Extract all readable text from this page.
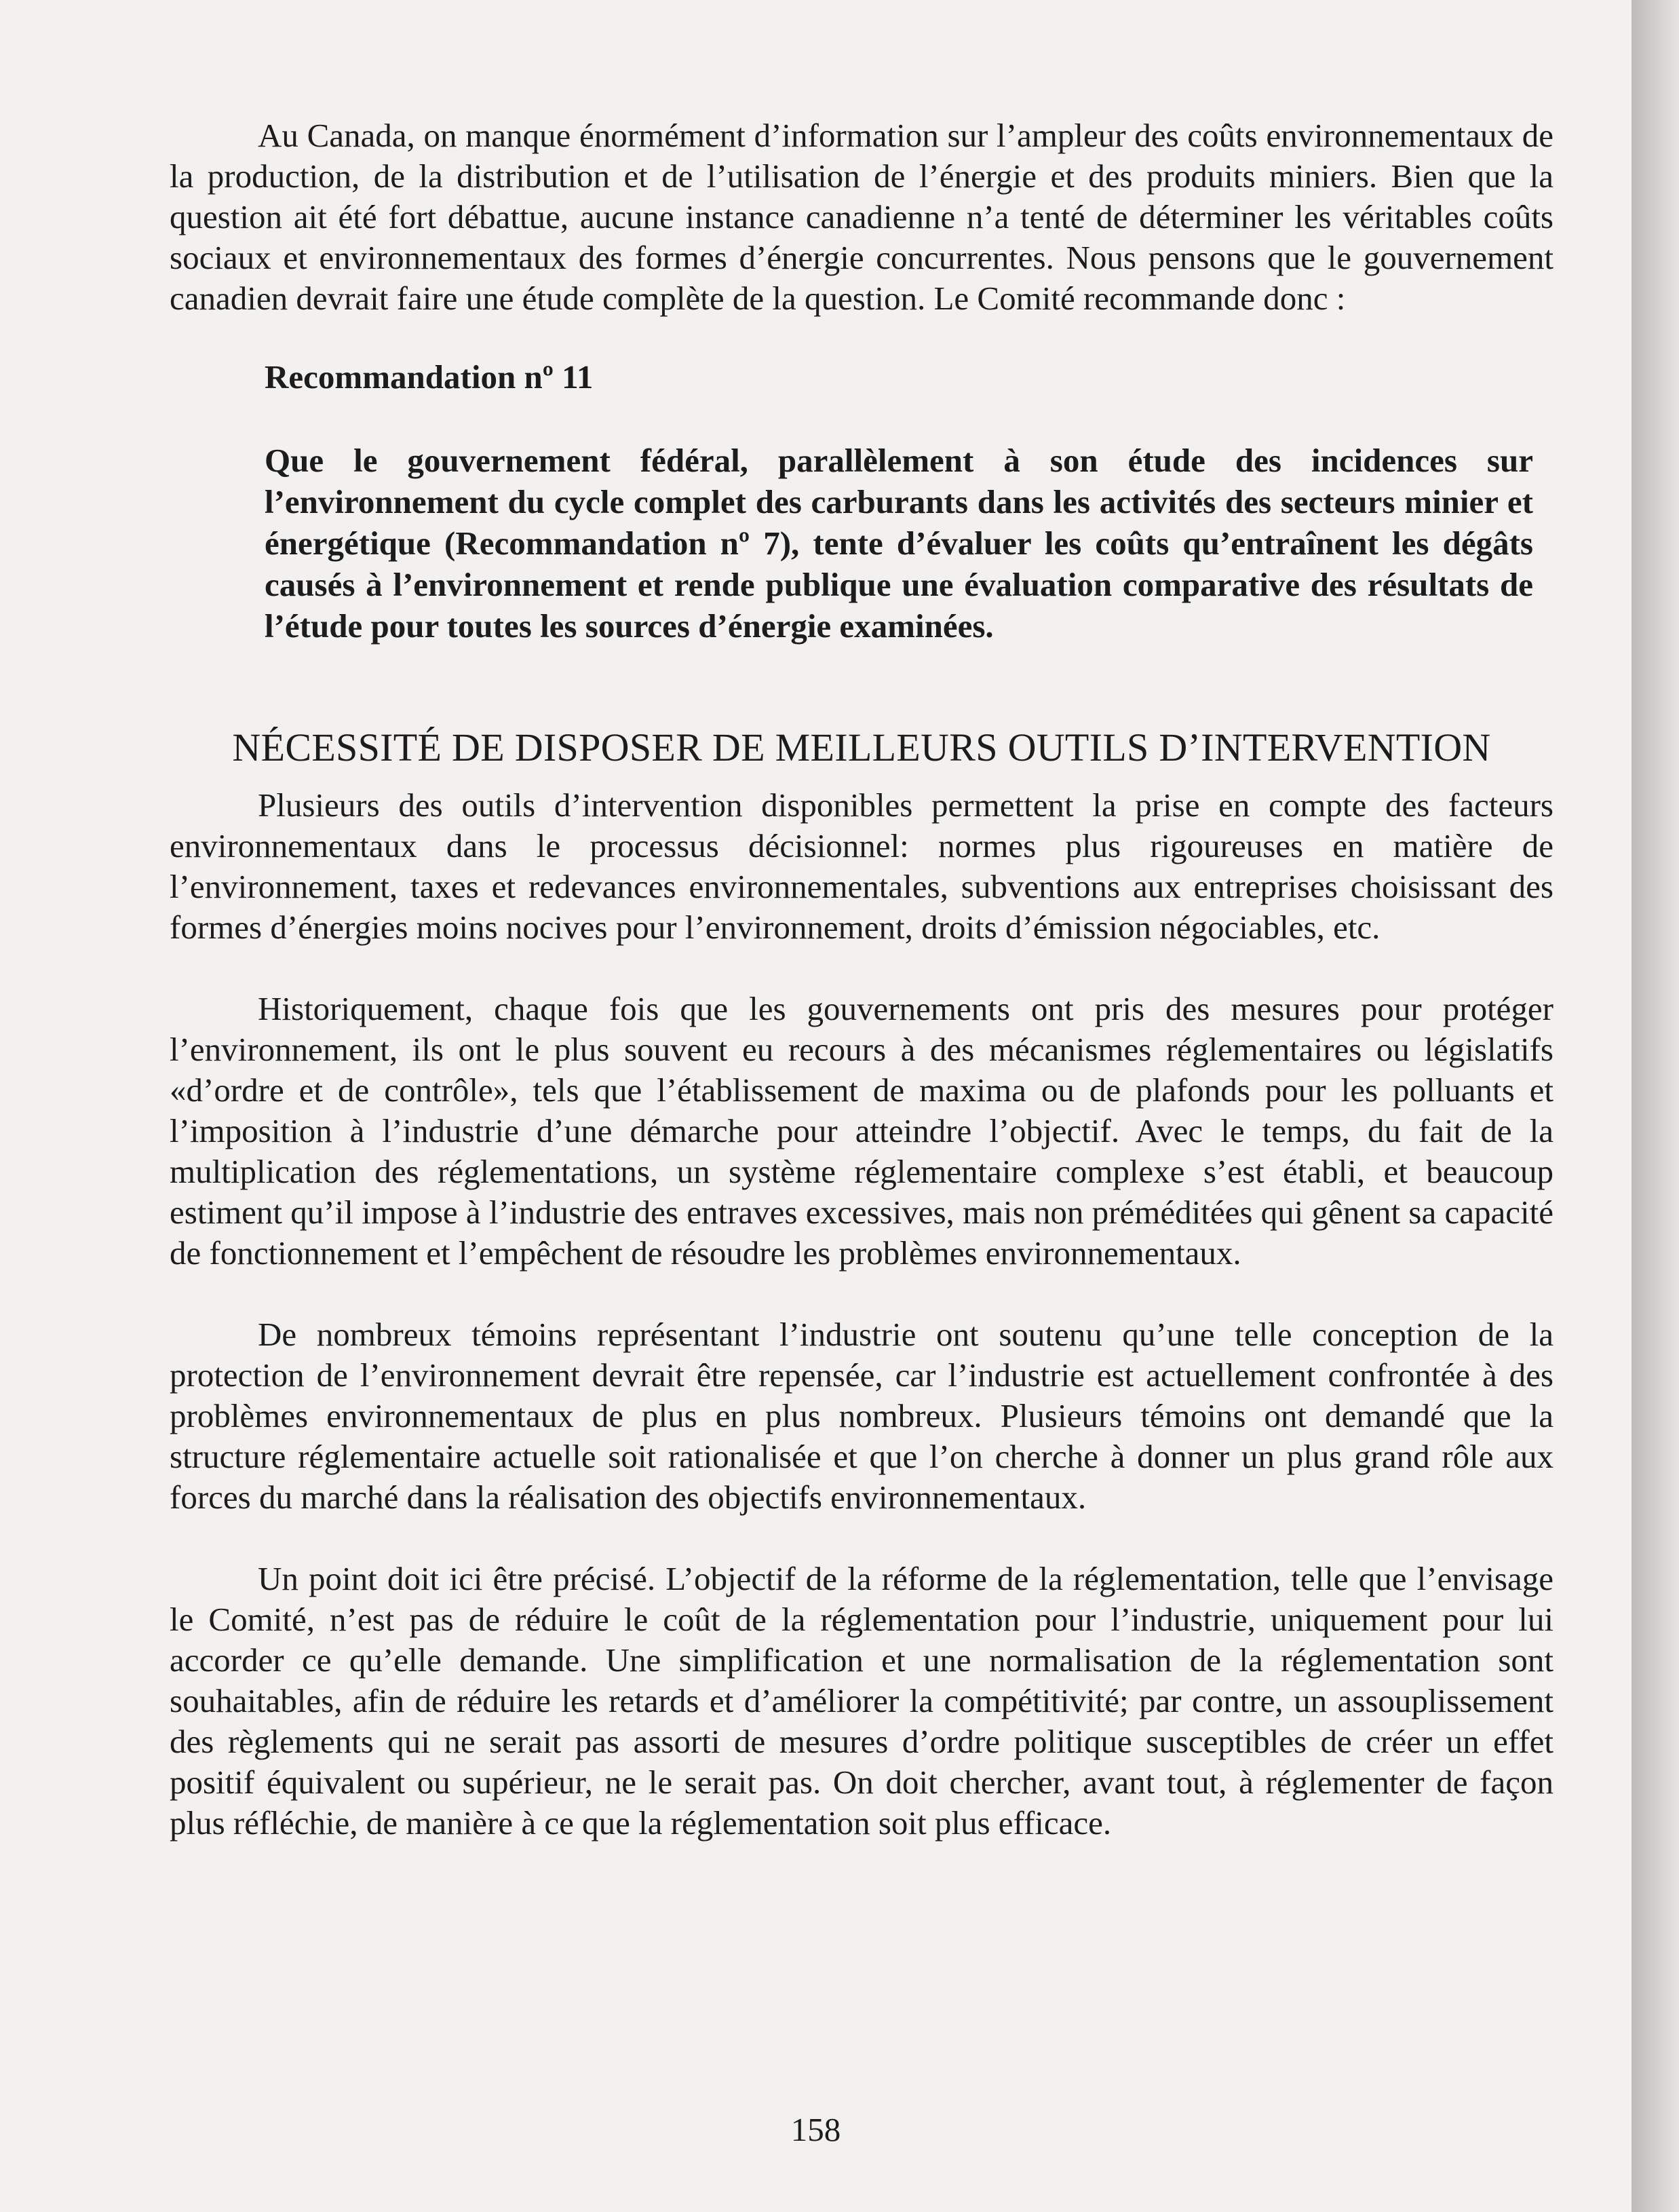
Au Canada, on manque énormément d’information sur l’ampleur des coûts environnementaux de la production, de la distribution et de l’utilisation de l’énergie et des produits miniers. Bien que la question ait été fort débattue, aucune instance canadienne n’a tenté de déterminer les véritables coûts sociaux et environnementaux des formes d’énergie concurrentes. Nous pensons que le gouvernement canadien devrait faire une étude complète de la question. Le Comité recommande donc :

Recommandation nº 11
Que le gouvernement fédéral, parallèlement à son étude des incidences sur l’environnement du cycle complet des carburants dans les activités des secteurs minier et énergétique (Recommandation nº 7), tente d’évaluer les coûts qu’entraînent les dégâts causés à l’environnement et rende publique une évaluation comparative des résultats de l’étude pour toutes les sources d’énergie examinées.
NÉCESSITÉ DE DISPOSER DE MEILLEURS OUTILS D’INTERVENTION

Plusieurs des outils d’intervention disponibles permettent la prise en compte des facteurs environnementaux dans le processus décisionnel: normes plus rigoureuses en matière de l’environnement, taxes et redevances environnementales, subventions aux entreprises choisissant des formes d’énergies moins nocives pour l’environnement, droits d’émission négociables, etc.

Historiquement, chaque fois que les gouvernements ont pris des mesures pour protéger l’environnement, ils ont le plus souvent eu recours à des mécanismes réglementaires ou législatifs «d’ordre et de contrôle», tels que l’établissement de maxima ou de plafonds pour les polluants et l’imposition à l’industrie d’une démarche pour atteindre l’objectif. Avec le temps, du fait de la multiplication des réglementations, un système réglementaire complexe s’est établi, et beaucoup estiment qu’il impose à l’industrie des entraves excessives, mais non préméditées qui gênent sa capacité de fonctionnement et l’empêchent de résoudre les problèmes environnementaux.

De nombreux témoins représentant l’industrie ont soutenu qu’une telle conception de la protection de l’environnement devrait être repensée, car l’industrie est actuellement confrontée à des problèmes environnementaux de plus en plus nombreux. Plusieurs témoins ont demandé que la structure réglementaire actuelle soit rationalisée et que l’on cherche à donner un plus grand rôle aux forces du marché dans la réalisation des objectifs environnementaux.

Un point doit ici être précisé. L’objectif de la réforme de la réglementation, telle que l’envisage le Comité, n’est pas de réduire le coût de la réglementation pour l’industrie, uniquement pour lui accorder ce qu’elle demande. Une simplification et une normalisation de la réglementation sont souhaitables, afin de réduire les retards et d’améliorer la compétitivité; par contre, un assouplissement des règlements qui ne serait pas assorti de mesures d’ordre politique susceptibles de créer un effet positif équivalent ou supérieur, ne le serait pas. On doit chercher, avant tout, à réglementer de façon plus réfléchie, de manière à ce que la réglementation soit plus efficace.

158
